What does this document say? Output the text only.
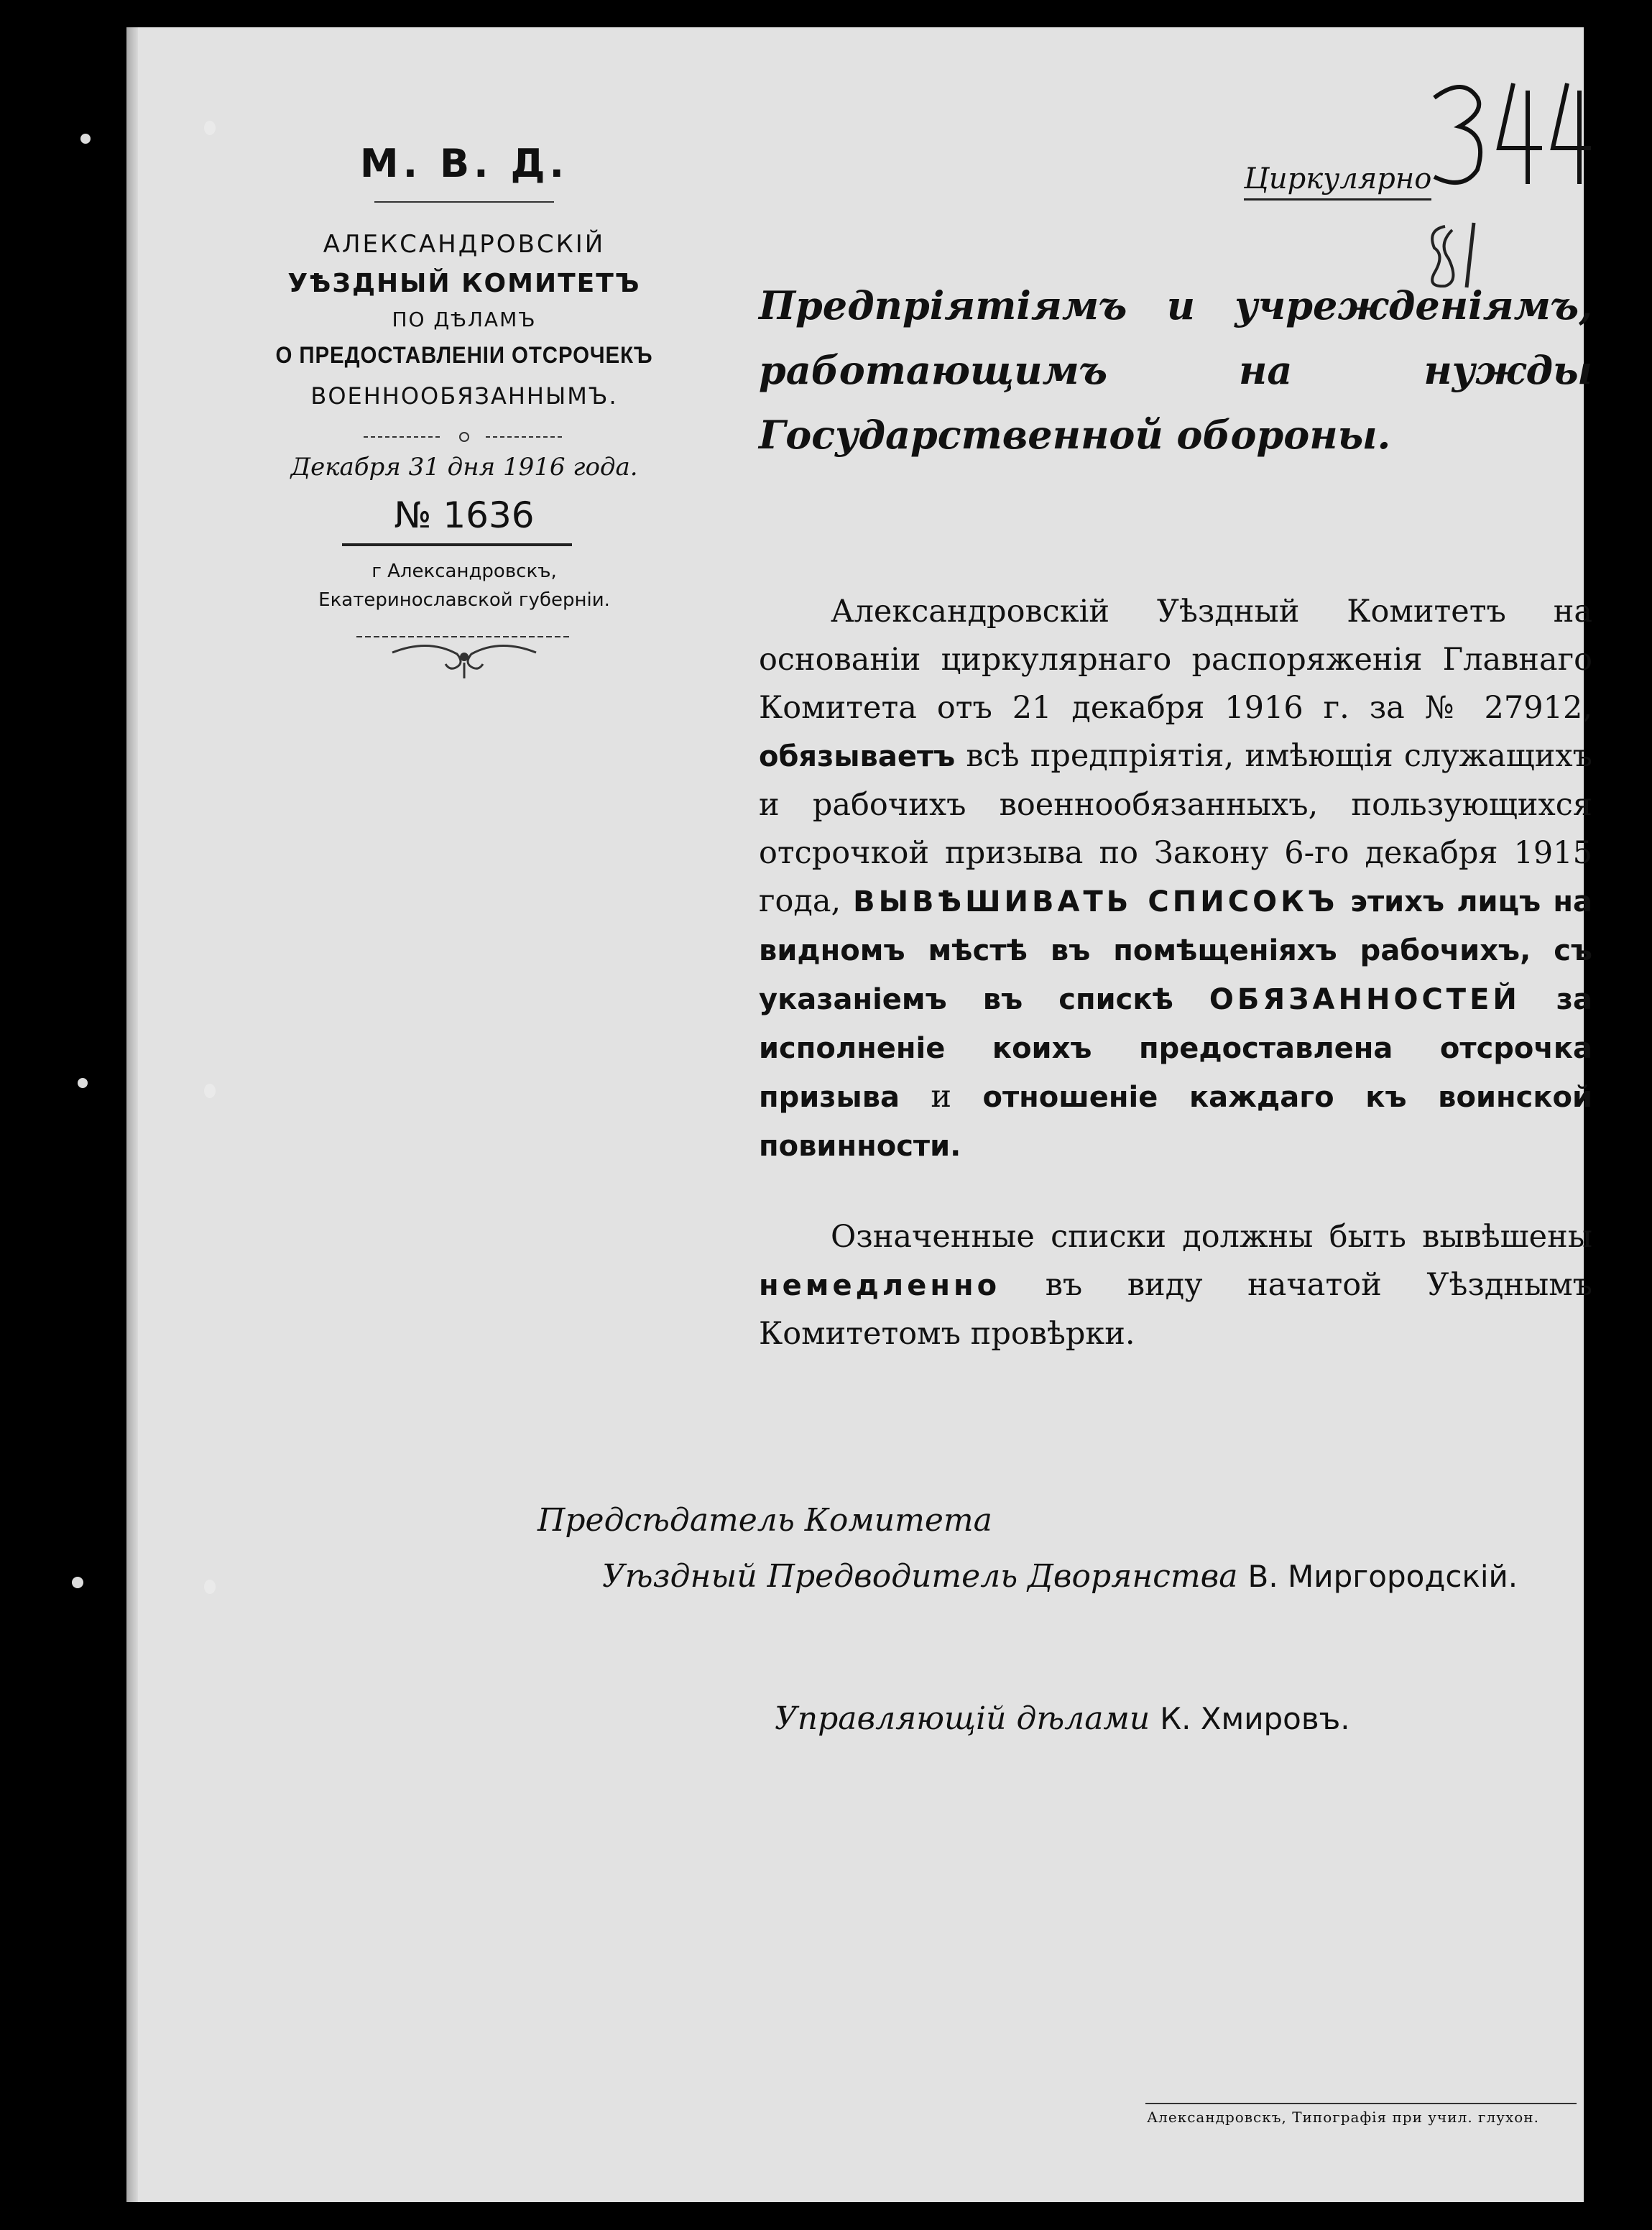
М. В. Д.
АЛЕКСАНДРОВСКІЙ
УѢЗДНЫЙ КОМИТЕТЪ
ПО ДѢЛАМЪ
О ПРЕДОСТАВЛЕНІИ ОТСРОЧЕКЪ
ВОЕННООБЯЗАННЫМЪ.
Декабря 31 дня 1916 года.
№ 1636
г Александровскъ,
Екатеринославской губерніи.
Циркулярно

Предпріятіямъ и учрежденіямъ, работающимъ на нужды Государственной обороны.

Александровскій Уѣздный Комитетъ на основаніи циркулярнаго распоряженія Главнаго Комитета отъ 21 декабря 1916 г. за № 27912, обязываетъ всѣ предпріятія, имѣющія служащихъ и рабочихъ военнообязанныхъ, пользующихся отсрочкой призыва по Закону 6-го декабря 1915 года, ВЫВѢШИВАТЬ СПИСОКЪ этихъ лицъ на видномъ мѣстѣ въ помѣщеніяхъ рабочихъ, съ указаніемъ въ спискѣ ОБЯЗАННОСТЕЙ за исполненіе коихъ предоставлена отсрочка призыва и отношеніе каждаго къ воинской повинности.

Означенные списки должны быть вывѣшены немедленно въ виду начатой Уѣзднымъ Комитетомъ провѣрки.

Предсѣдатель Комитета
Уѣздный Предводитель Дворянства В. Миргородскій.
Управляющій дѣлами К. Хмировъ.
Александровскъ, Типографія при учил. глухон.
